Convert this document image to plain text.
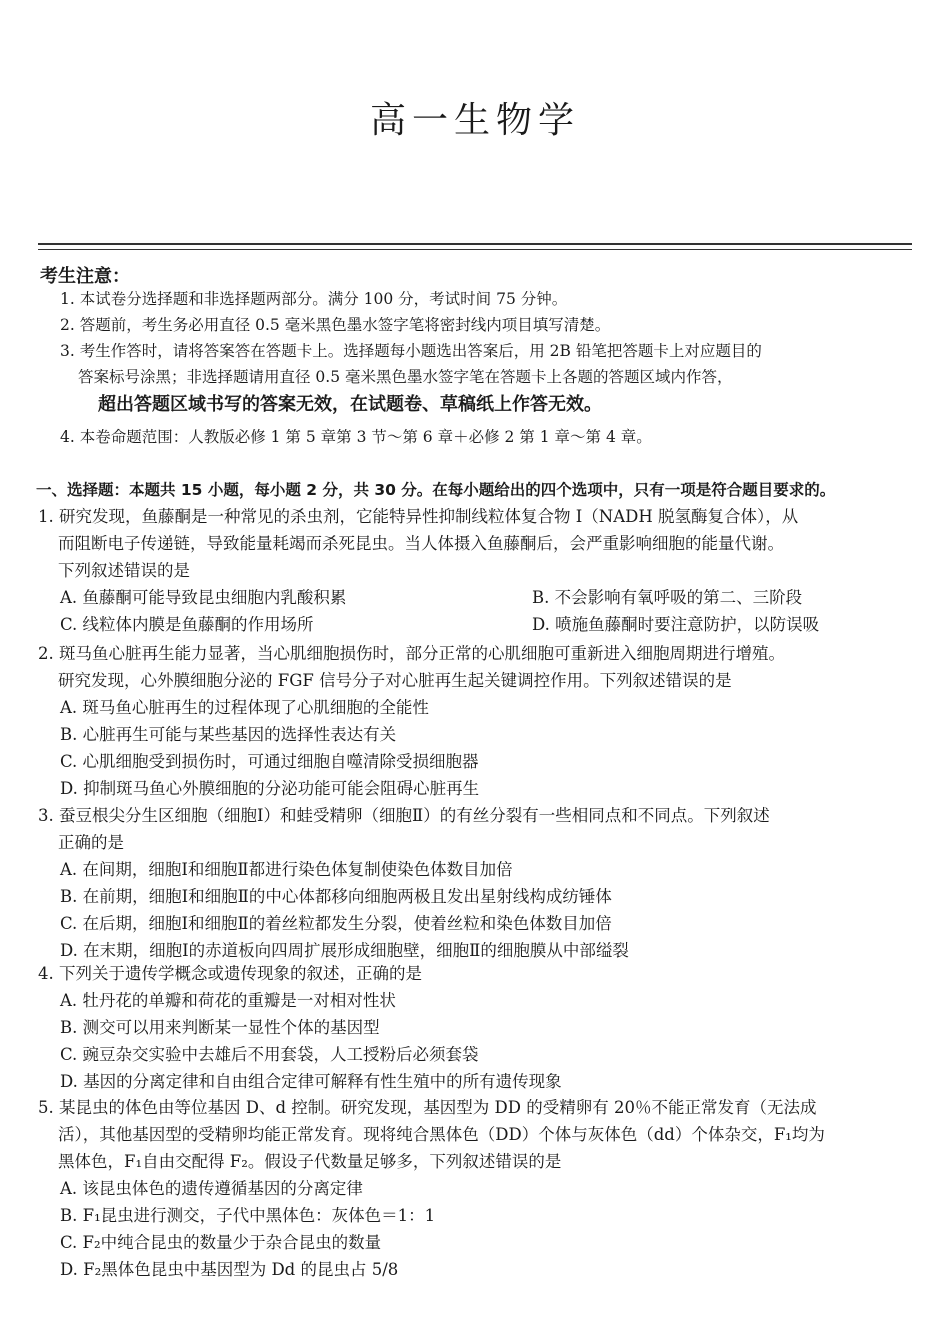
高一生物学
考生注意：
1. 本试卷分选择题和非选择题两部分。满分 100 分，考试时间 75 分钟。
2. 答题前，考生务必用直径 0.5 毫米黑色墨水签字笔将密封线内项目填写清楚。
3. 考生作答时，请将答案答在答题卡上。选择题每小题选出答案后，用 2B 铅笔把答题卡上对应题目的
答案标号涂黑；非选择题请用直径 0.5 毫米黑色墨水签字笔在答题卡上各题的答题区域内作答，
超出答题区域书写的答案无效，在试题卷、草稿纸上作答无效。
4. 本卷命题范围：人教版必修 1 第 5 章第 3 节～第 6 章＋必修 2 第 1 章～第 4 章。
一、选择题：本题共 15 小题，每小题 2 分，共 30 分。在每小题给出的四个选项中，只有一项是符合题目要求的。
1. 研究发现，鱼藤酮是一种常见的杀虫剂，它能特异性抑制线粒体复合物 Ⅰ（NADH 脱氢酶复合体），从
而阻断电子传递链，导致能量耗竭而杀死昆虫。当人体摄入鱼藤酮后，会严重影响细胞的能量代谢。
下列叙述错误的是
A. 鱼藤酮可能导致昆虫细胞内乳酸积累	B. 不会影响有氧呼吸的第二、三阶段
C. 线粒体内膜是鱼藤酮的作用场所	D. 喷施鱼藤酮时要注意防护，以防误吸
2. 斑马鱼心脏再生能力显著，当心肌细胞损伤时，部分正常的心肌细胞可重新进入细胞周期进行增殖。
研究发现，心外膜细胞分泌的 FGF 信号分子对心脏再生起关键调控作用。下列叙述错误的是
A. 斑马鱼心脏再生的过程体现了心肌细胞的全能性
B. 心脏再生可能与某些基因的选择性表达有关
C. 心肌细胞受到损伤时，可通过细胞自噬清除受损细胞器
D. 抑制斑马鱼心外膜细胞的分泌功能可能会阻碍心脏再生
3. 蚕豆根尖分生区细胞（细胞Ⅰ）和蛙受精卵（细胞Ⅱ）的有丝分裂有一些相同点和不同点。下列叙述
正确的是
A. 在间期，细胞Ⅰ和细胞Ⅱ都进行染色体复制使染色体数目加倍
B. 在前期，细胞Ⅰ和细胞Ⅱ的中心体都移向细胞两极且发出星射线构成纺锤体
C. 在后期，细胞Ⅰ和细胞Ⅱ的着丝粒都发生分裂，使着丝粒和染色体数目加倍
D. 在末期，细胞Ⅰ的赤道板向四周扩展形成细胞壁，细胞Ⅱ的细胞膜从中部缢裂
4. 下列关于遗传学概念或遗传现象的叙述，正确的是
A. 牡丹花的单瓣和荷花的重瓣是一对相对性状
B. 测交可以用来判断某一显性个体的基因型
C. 豌豆杂交实验中去雄后不用套袋，人工授粉后必须套袋
D. 基因的分离定律和自由组合定律可解释有性生殖中的所有遗传现象
5. 某昆虫的体色由等位基因 D、d 控制。研究发现，基因型为 DD 的受精卵有 20％不能正常发育（无法成
活），其他基因型的受精卵均能正常发育。现将纯合黑体色（DD）个体与灰体色（dd）个体杂交，F₁均为
黑体色，F₁自由交配得 F₂。假设子代数量足够多，下列叙述错误的是
A. 该昆虫体色的遗传遵循基因的分离定律
B. F₁昆虫进行测交，子代中黑体色：灰体色＝1：1
C. F₂中纯合昆虫的数量少于杂合昆虫的数量
D. F₂黑体色昆虫中基因型为 Dd 的昆虫占 5/8
